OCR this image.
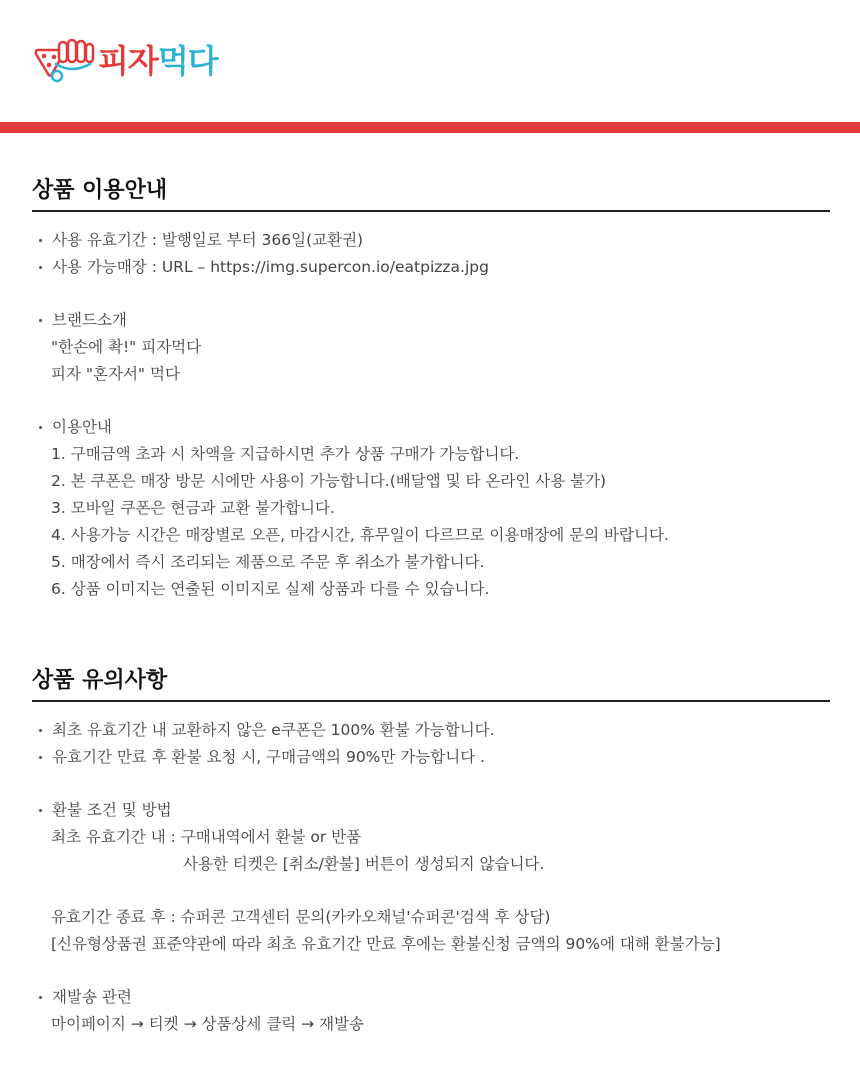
피자먹다
상품 이용안내
사용 유효기간 : 발행일로 부터 366일(교환권)
사용 가능매장 : URL – https://img.supercon.io/eatpizza.jpg
브랜드소개
"한손에 촥!" 피자먹다
피자 "혼자서" 먹다
이용안내
1. 구매금액 초과 시 차액을 지급하시면 추가 상품 구매가 가능합니다.
2. 본 쿠폰은 매장 방문 시에만 사용이 가능합니다.(배달앱 및 타 온라인 사용 불가)
3. 모바일 쿠폰은 현금과 교환 불가합니다.
4. 사용가능 시간은 매장별로 오픈, 마감시간, 휴무일이 다르므로 이용매장에 문의 바랍니다.
5. 매장에서 즉시 조리되는 제품으로 주문 후 취소가 불가합니다.
6. 상품 이미지는 연출된 이미지로 실제 상품과 다를 수 있습니다.
상품 유의사항
최초 유효기간 내 교환하지 않은 e쿠폰은 100% 환불 가능합니다.
유효기간 만료 후 환불 요청 시, 구매금액의 90%만 가능합니다 .
환불 조건 및 방법
최초 유효기간 내 : 구매내역에서 환불 or 반품
사용한 티켓은 [취소/환불] 버튼이 생성되지 않습니다.
유효기간 종료 후 : 슈퍼콘 고객센터 문의(카카오채널'슈퍼콘'검색 후 상담)
[신유형상품권 표준약관에 따라 최초 유효기간 만료 후에는 환불신청 금액의 90%에 대해 환불가능]
재발송 관련
마이페이지 → 티켓 → 상품상세 클릭 → 재발송
